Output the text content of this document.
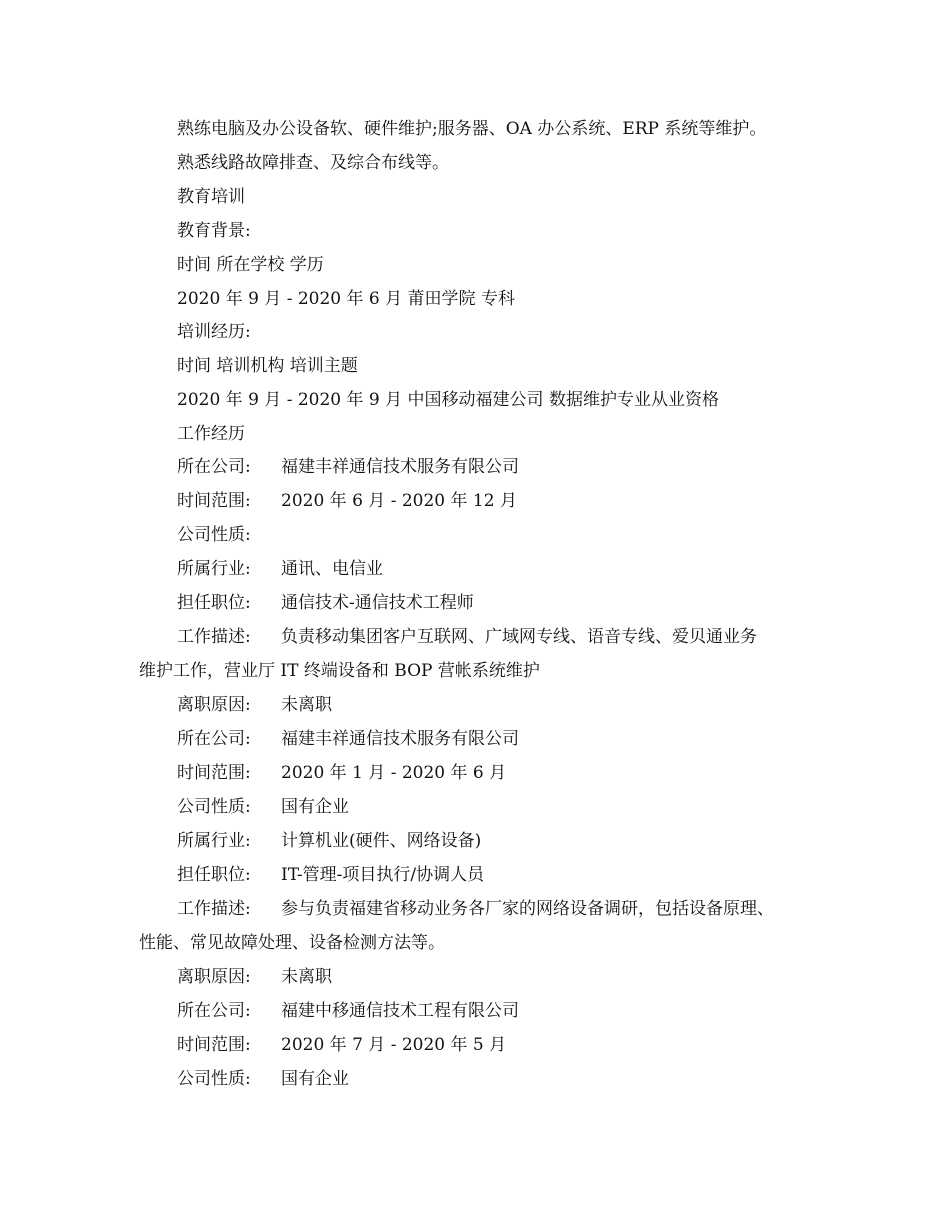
熟练电脑及办公设备软、硬件维护;服务器、OA 办公系统、ERP 系统等维护。
熟悉线路故障排查、及综合布线等。
教育培训
教育背景:
时间 所在学校 学历
2020 年 9 月 - 2020 年 6 月 莆田学院 专科
培训经历:
时间 培训机构 培训主题
2020 年 9 月 - 2020 年 9 月 中国移动福建公司 数据维护专业从业资格
工作经历
所在公司: 福建丰祥通信技术服务有限公司
时间范围: 2020 年 6 月 - 2020 年 12 月
公司性质:
所属行业: 通讯、电信业
担任职位: 通信技术-通信技术工程师
工作描述: 负责移动集团客户互联网、广域网专线、语音专线、爱贝通业务
维护工作，营业厅 IT 终端设备和 BOP 营帐系统维护
离职原因: 未离职
所在公司: 福建丰祥通信技术服务有限公司
时间范围: 2020 年 1 月 - 2020 年 6 月
公司性质: 国有企业
所属行业: 计算机业(硬件、网络设备)
担任职位: IT-管理-项目执行/协调人员
工作描述: 参与负责福建省移动业务各厂家的网络设备调研，包括设备原理、
性能、常见故障处理、设备检测方法等。
离职原因: 未离职
所在公司: 福建中移通信技术工程有限公司
时间范围: 2020 年 7 月 - 2020 年 5 月
公司性质: 国有企业
